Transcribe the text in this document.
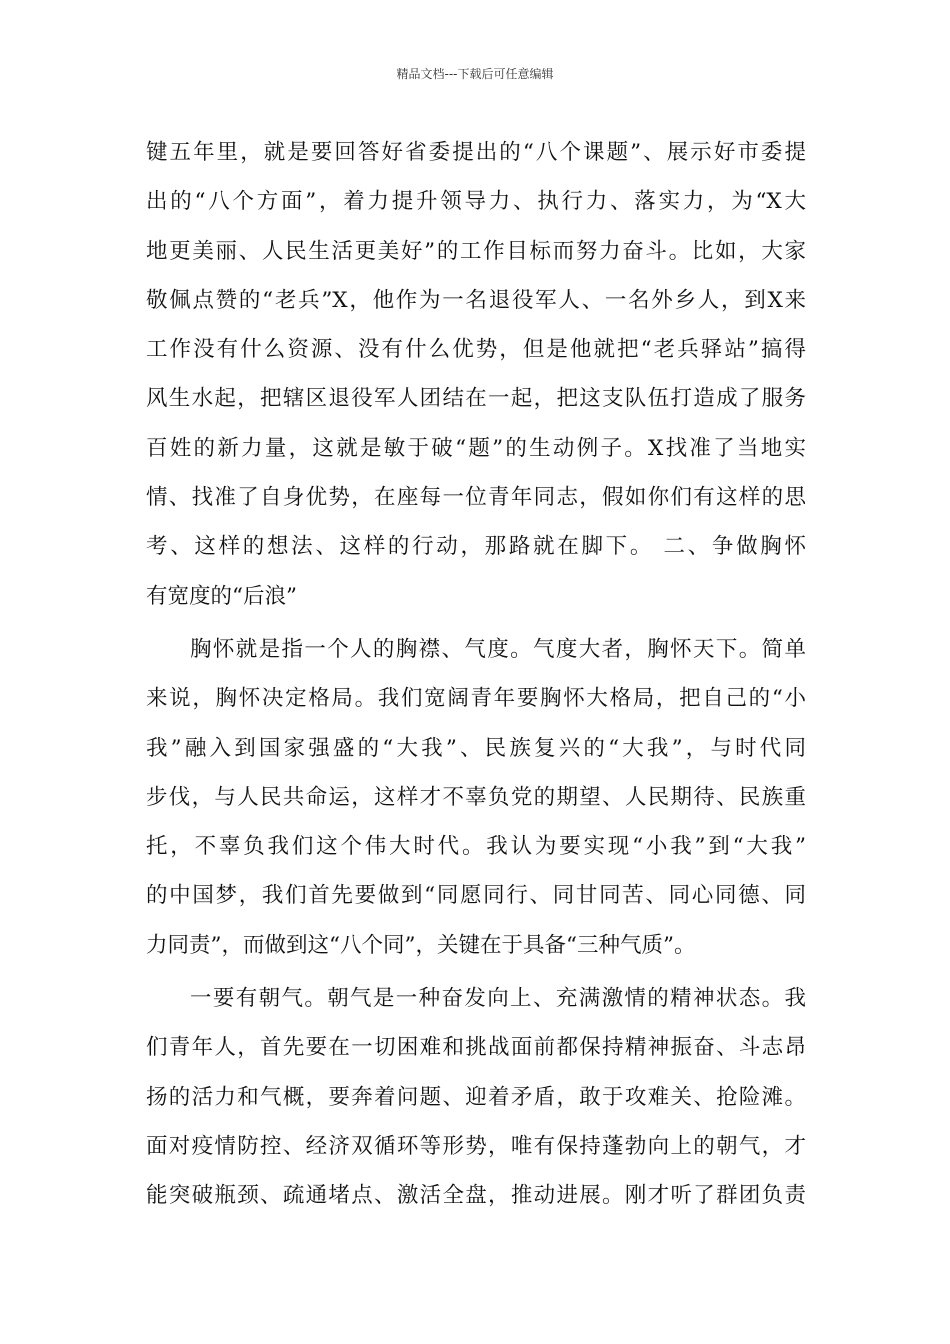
精品文档---下载后可任意编辑
键五年里，就是要回答好省委提出的“八个课题”、展示好市委提
出的“八个方面”，着力提升领导力、执行力、落实力，为“X大
地更美丽、人民生活更美好”的工作目标而努力奋斗。比如，大家
敬佩点赞的“老兵”X，他作为一名退役军人、一名外乡人，到X来
工作没有什么资源、没有什么优势，但是他就把“老兵驿站”搞得
风生水起，把辖区退役军人团结在一起，把这支队伍打造成了服务
百姓的新力量，这就是敏于破“题”的生动例子。X找准了当地实
情、找准了自身优势，在座每一位青年同志，假如你们有这样的思
考、这样的想法、这样的行动，那路就在脚下。 二、争做胸怀
有宽度的“后浪”
胸怀就是指一个人的胸襟、气度。气度大者，胸怀天下。简单
来说，胸怀决定格局。我们宽阔青年要胸怀大格局，把自己的“小
我”融入到国家强盛的“大我”、民族复兴的“大我”，与时代同
步伐，与人民共命运，这样才不辜负党的期望、人民期待、民族重
托，不辜负我们这个伟大时代。我认为要实现“小我”到“大我”
的中国梦，我们首先要做到“同愿同行、同甘同苦、同心同德、同
力同责”，而做到这“八个同”，关键在于具备“三种气质”。
一要有朝气。朝气是一种奋发向上、充满激情的精神状态。我
们青年人，首先要在一切困难和挑战面前都保持精神振奋、斗志昂
扬的活力和气概，要奔着问题、迎着矛盾，敢于攻难关、抢险滩。
面对疫情防控、经济双循环等形势，唯有保持蓬勃向上的朝气，才
能突破瓶颈、疏通堵点、激活全盘，推动进展。刚才听了群团负责
